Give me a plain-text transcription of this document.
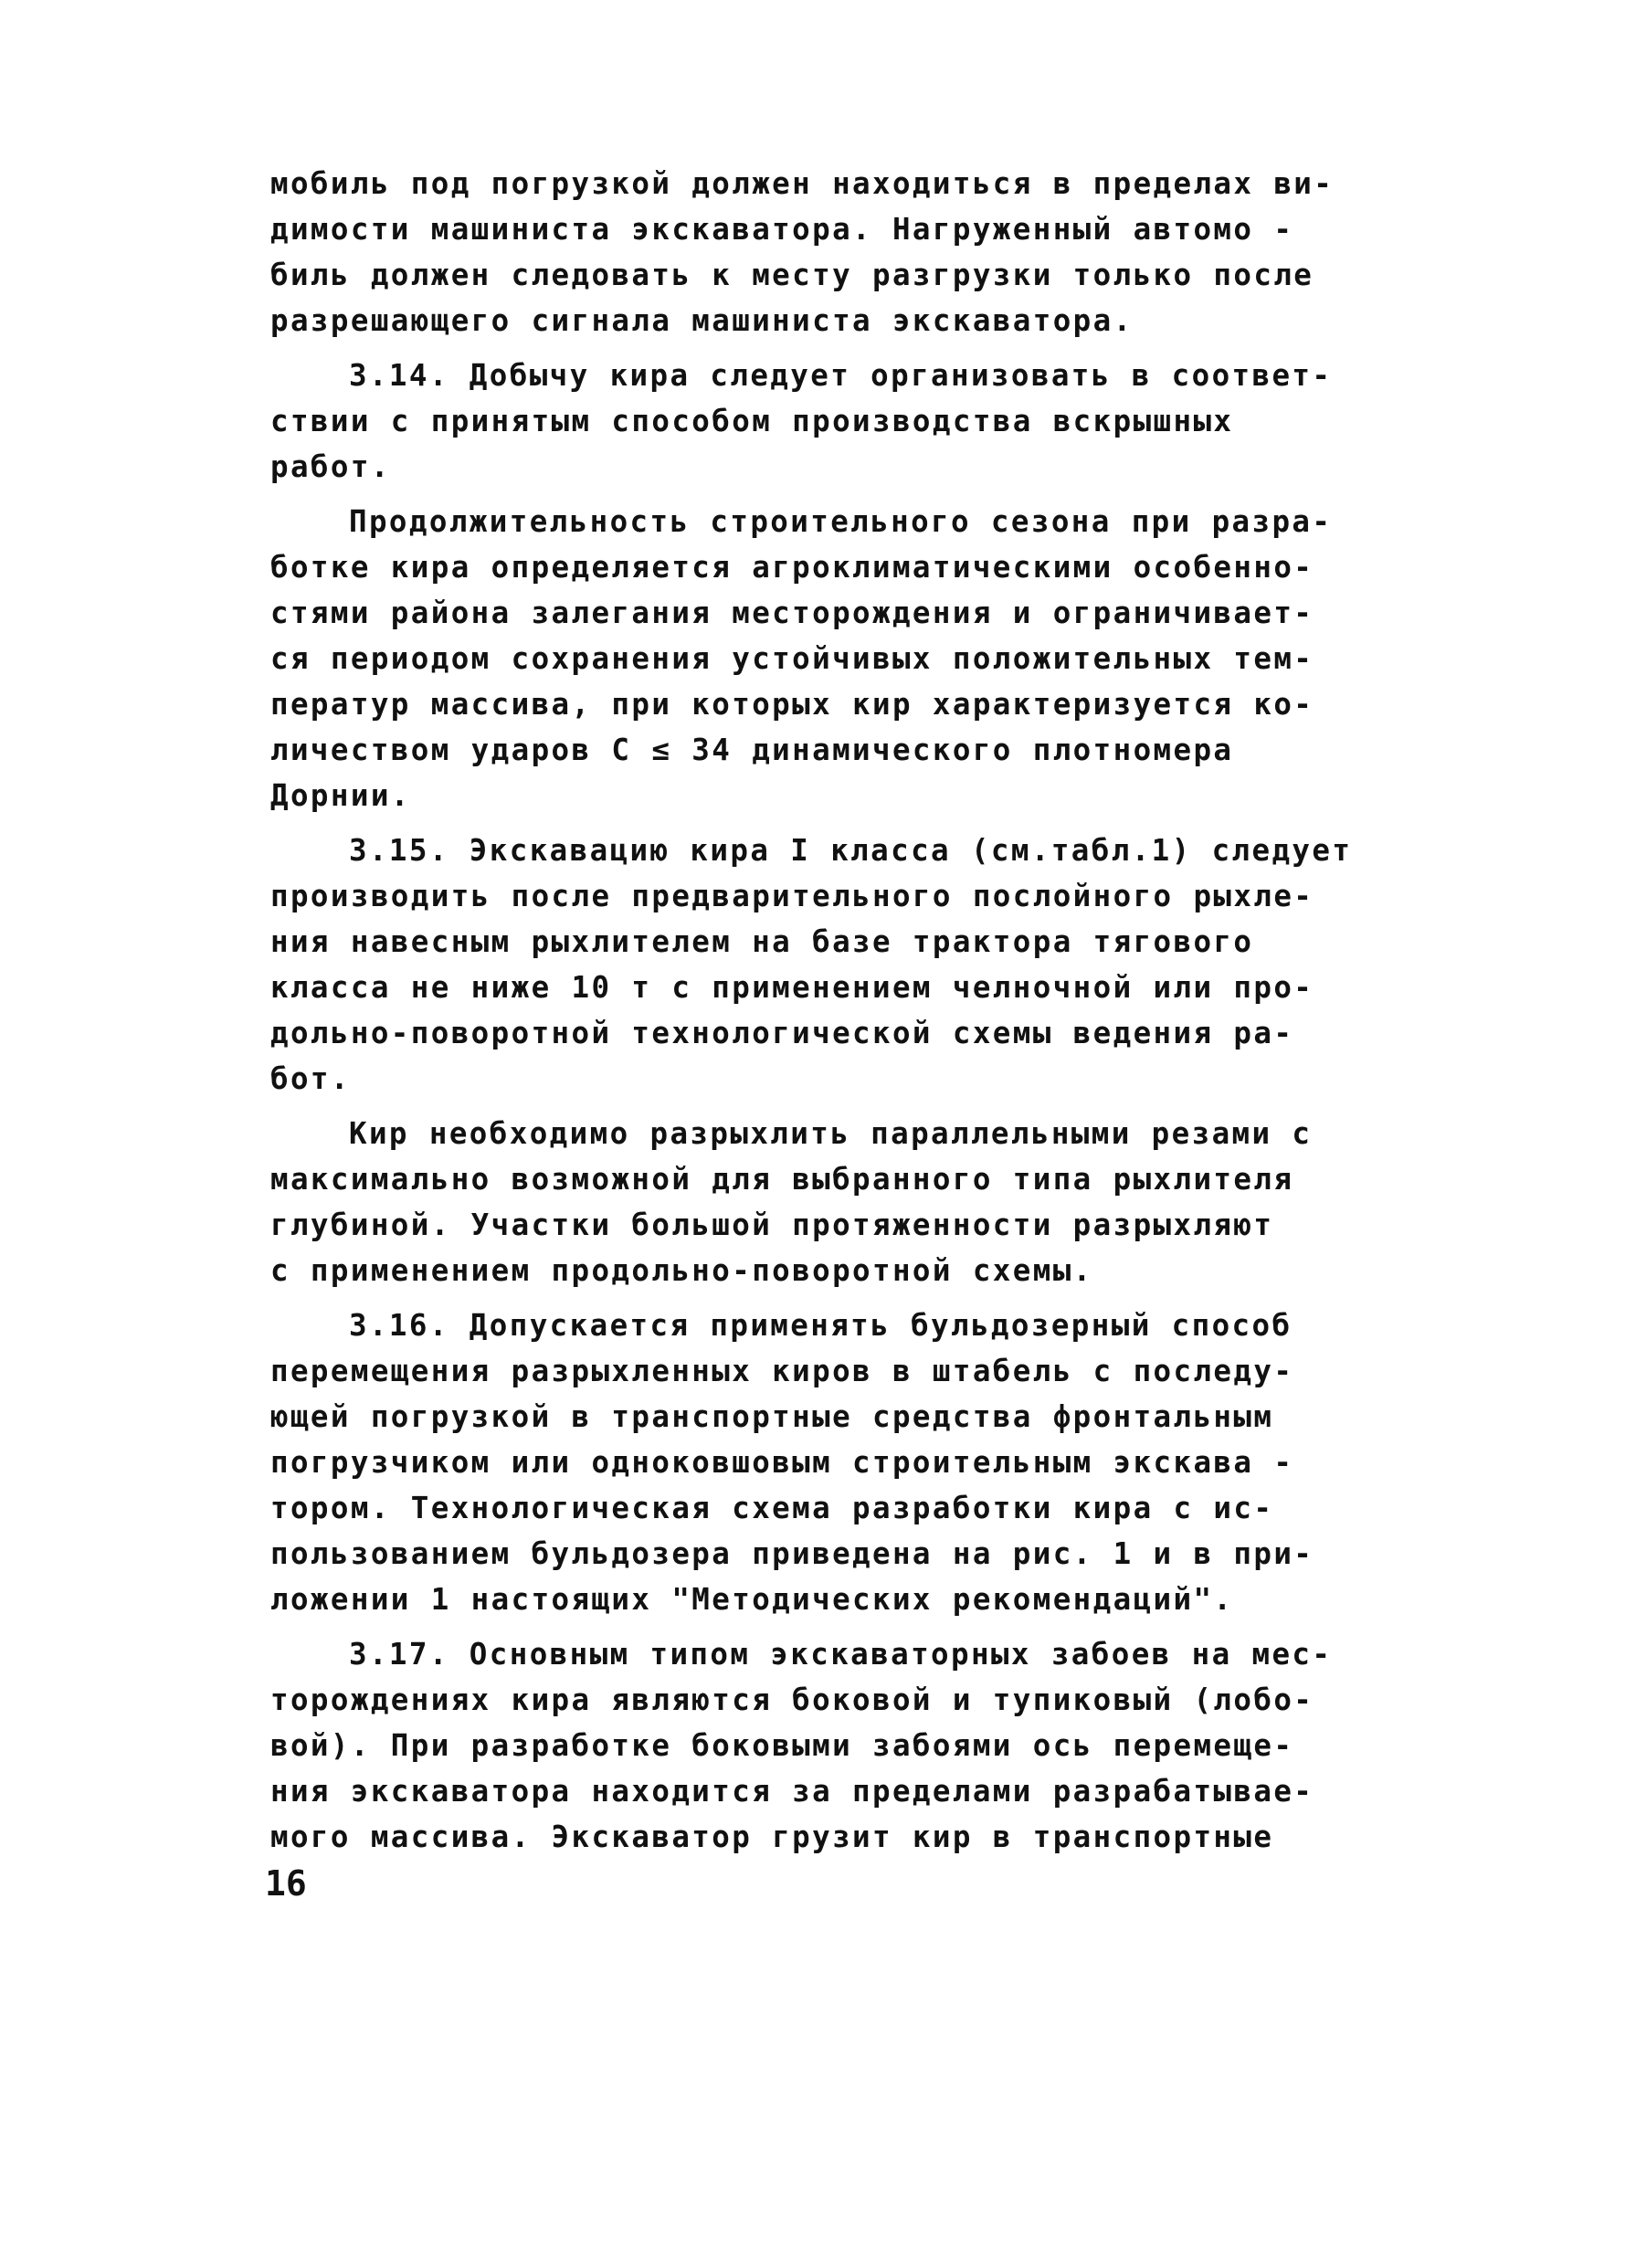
мобиль под погрузкой должен находиться в пределах ви-
димости машиниста экскаватора. Нагруженный автомо -
биль должен следовать к месту разгрузки только после
разрешающего сигнала машиниста экскаватора.
3.14. Добычу кира следует организовать в соответ-
ствии с принятым способом производства вскрышных
работ.
Продолжительность строительного сезона при разра-
ботке кира определяется агроклиматическими особенно-
стями района залегания месторождения и ограничивает-
ся периодом сохранения устойчивых положительных тем-
ператур массива, при которых кир характеризуется ко-
личеством ударов С ≤ 34 динамического плотномера
Дорнии.
3.15. Экскавацию кира I класса (см.табл.1) следует
производить после предварительного послойного рыхле-
ния навесным рыхлителем на базе трактора тягового
класса не ниже 10 т с применением челночной или про-
дольно-поворотной технологической схемы ведения ра-
бот.
Кир необходимо разрыхлить параллельными резами с
максимально возможной для выбранного типа рыхлителя
глубиной. Участки большой протяженности разрыхляют
с применением продольно-поворотной схемы.
3.16. Допускается применять бульдозерный способ
перемещения разрыхленных киров в штабель с последу-
ющей погрузкой в транспортные средства фронтальным
погрузчиком или одноковшовым строительным экскава -
тором. Технологическая схема разработки кира с ис-
пользованием бульдозера приведена на рис. 1 и в при-
ложении 1 настоящих "Методических рекомендаций".
3.17. Основным типом экскаваторных забоев на мес-
торождениях кира являются боковой и тупиковый (лобо-
вой). При разработке боковыми забоями ось перемеще-
ния экскаватора находится за пределами разрабатывае-
мого массива. Экскаватор грузит кир в транспортные
16
